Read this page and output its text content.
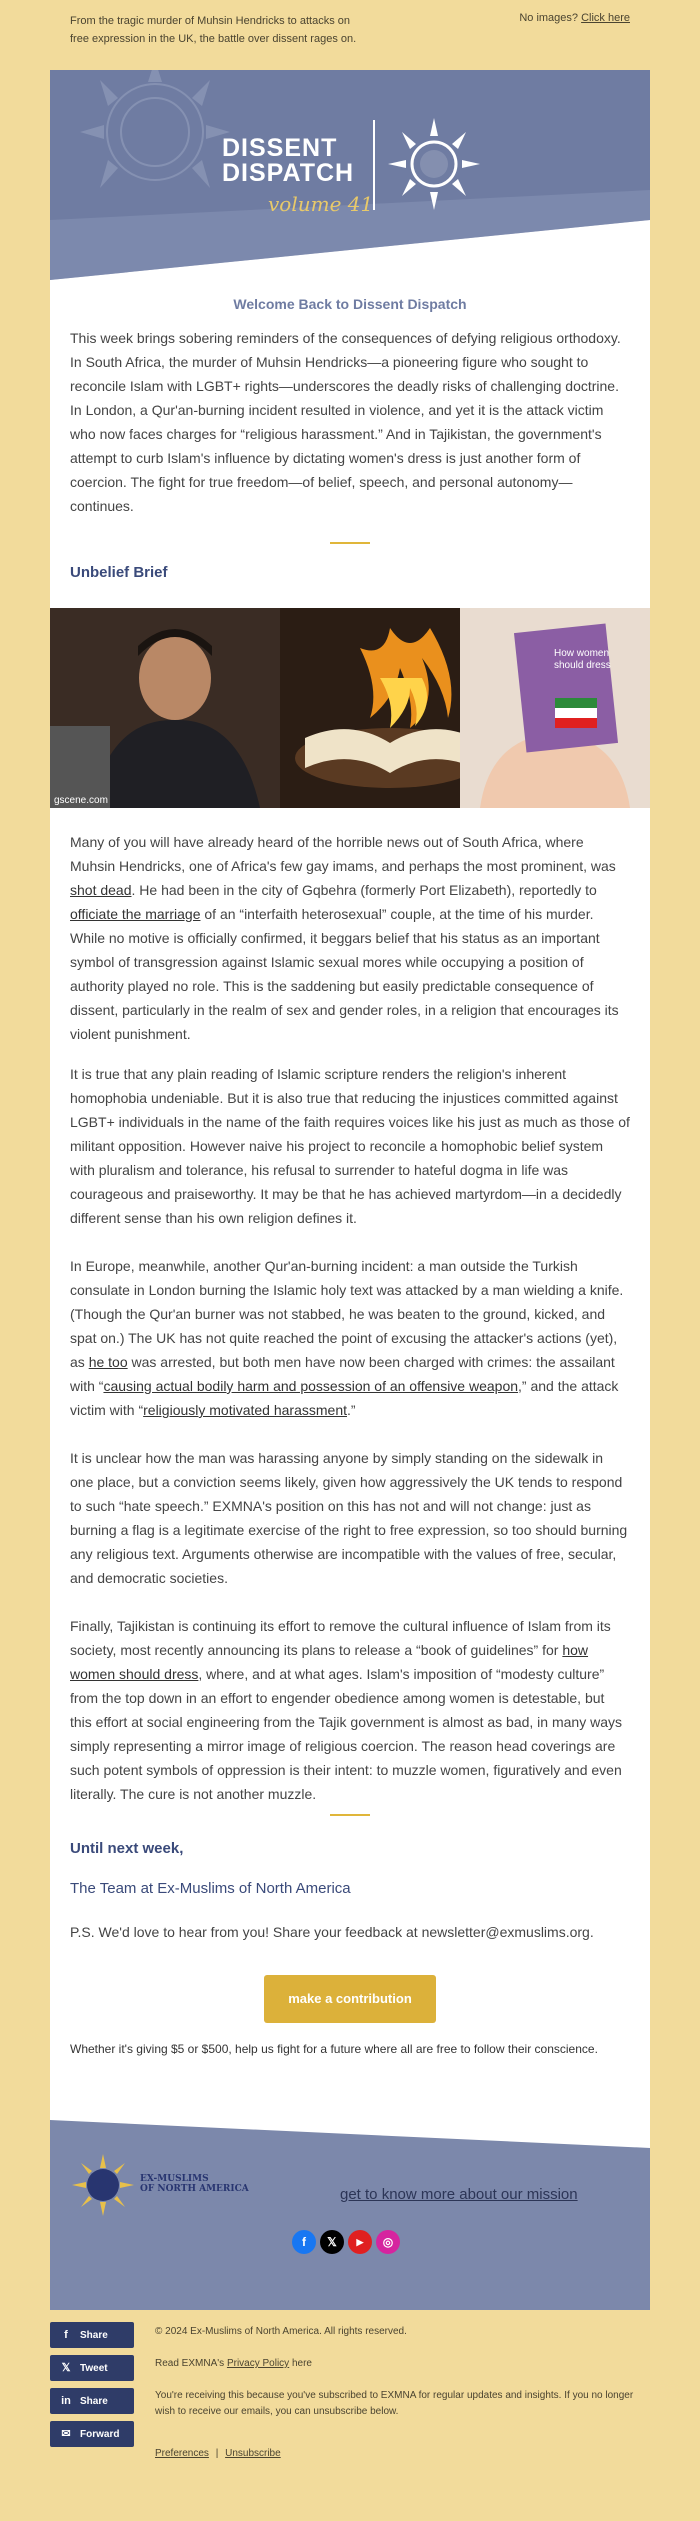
From the tragic murder of Muhsin Hendricks to attacks on free expression in the UK, the battle over dissent rages on.
No images? Click here
DISSENT
DISPATCH
volume 41
Welcome Back to Dissent Dispatch
This week brings sobering reminders of the consequences of defying religious orthodoxy. In South Africa, the murder of Muhsin Hendricks—a pioneering figure who sought to reconcile Islam with LGBT+ rights—underscores the deadly risks of challenging doctrine. In London, a Qur'an-burning incident resulted in violence, and yet it is the attack victim who now faces charges for “religious harassment.” And in Tajikistan, the government's attempt to curb Islam's influence by dictating women's dress is just another form of coercion. The fight for true freedom—of belief, speech, and personal autonomy—continues.
Unbelief Brief
How women should dress
gscene.com
Many of you will have already heard of the horrible news out of South Africa, where Muhsin Hendricks, one of Africa's few gay imams, and perhaps the most prominent, was shot dead. He had been in the city of Gqbehra (formerly Port Elizabeth), reportedly to officiate the marriage of an “interfaith heterosexual” couple, at the time of his murder. While no motive is officially confirmed, it beggars belief that his status as an important symbol of transgression against Islamic sexual mores while occupying a position of authority played no role. This is the saddening but easily predictable consequence of dissent, particularly in the realm of sex and gender roles, in a religion that encourages its violent punishment.
It is true that any plain reading of Islamic scripture renders the religion's inherent homophobia undeniable. But it is also true that reducing the injustices committed against LGBT+ individuals in the name of the faith requires voices like his just as much as those of militant opposition. However naive his project to reconcile a homophobic belief system with pluralism and tolerance, his refusal to surrender to hateful dogma in life was courageous and praiseworthy. It may be that he has achieved martyrdom—in a decidedly different sense than his own religion defines it.
In Europe, meanwhile, another Qur'an-burning incident: a man outside the Turkish consulate in London burning the Islamic holy text was attacked by a man wielding a knife. (Though the Qur'an burner was not stabbed, he was beaten to the ground, kicked, and spat on.) The UK has not quite reached the point of excusing the attacker's actions (yet), as he too was arrested, but both men have now been charged with crimes: the assailant with “causing actual bodily harm and possession of an offensive weapon,” and the attack victim with “religiously motivated harassment.”
It is unclear how the man was harassing anyone by simply standing on the sidewalk in one place, but a conviction seems likely, given how aggressively the UK tends to respond to such “hate speech.” EXMNA's position on this has not and will not change: just as burning a flag is a legitimate exercise of the right to free expression, so too should burning any religious text. Arguments otherwise are incompatible with the values of free, secular, and democratic societies.
Finally, Tajikistan is continuing its effort to remove the cultural influence of Islam from its society, most recently announcing its plans to release a “book of guidelines” for how women should dress, where, and at what ages. Islam's imposition of “modesty culture” from the top down in an effort to engender obedience among women is detestable, but this effort at social engineering from the Tajik government is almost as bad, in many ways simply representing a mirror image of religious coercion. The reason head coverings are such potent symbols of oppression is their intent: to muzzle women, figuratively and even literally. The cure is not another muzzle.
Until next week,
The Team at Ex-Muslims of North America
P.S. We'd love to hear from you! Share your feedback at newsletter@exmuslims.org.
make a contribution
Whether it's giving $5 or $500, help us fight for a future where all are free to follow their conscience.
EX-MUSLIMS
OF NORTH AMERICA	get to know more about our mission
f	𝕏	▶	◎
f Share
𝕏 Tweet
in Share
✉ Forward
© 2024 Ex-Muslims of North America. All rights reserved.
Read EXMNA's Privacy Policy here
You're receiving this because you've subscribed to EXMNA for regular updates and insights. If you no longer wish to receive our emails, you can unsubscribe below.
Preferences | Unsubscribe
